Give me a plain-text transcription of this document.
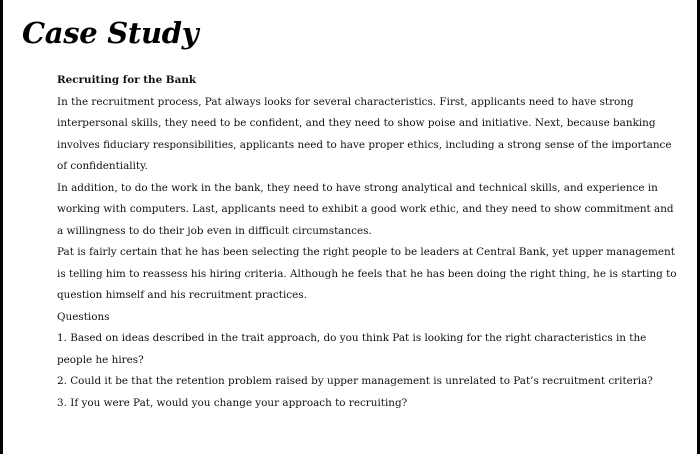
Case Study

Recruiting for the Bank

In the recruitment process, Pat always looks for several characteristics. First, applicants need to have strong interpersonal skills, they need to be confident, and they need to show poise and initiative. Next, because banking involves fiduciary responsibilities, applicants need to have proper ethics, including a strong sense of the importance of confidentiality.

In addition, to do the work in the bank, they need to have strong analytical and technical skills, and experience in working with computers. Last, applicants need to exhibit a good work ethic, and they need to show commitment and a willingness to do their job even in difficult circumstances.

Pat is fairly certain that he has been selecting the right people to be leaders at Central Bank, yet upper management is telling him to reassess his hiring criteria. Although he feels that he has been doing the right thing, he is starting to question himself and his recruitment practices.

Questions

1. Based on ideas described in the trait approach, do you think Pat is looking for the right characteristics in the people he hires?

2. Could it be that the retention problem raised by upper management is unrelated to Pat’s recruitment criteria?

3. If you were Pat, would you change your approach to recruiting?
